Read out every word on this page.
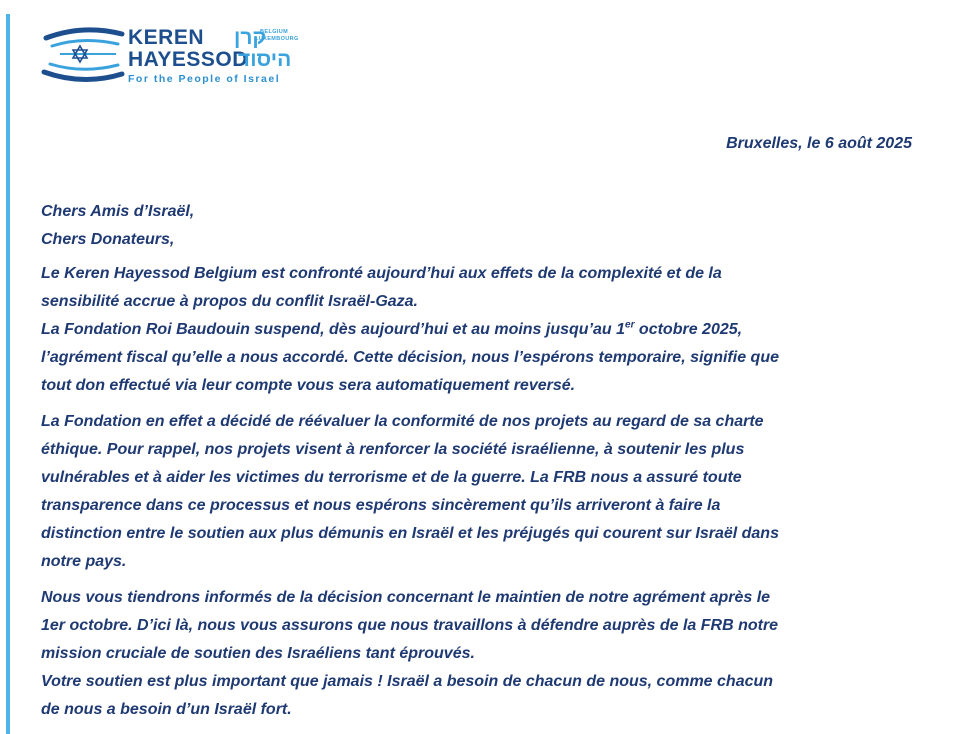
KEREN
HAYESSOD
קרן
היסוד
BELGIUM
LUXEMBOURG
For the People of Israel
Bruxelles, le 6 août 2025

Chers Amis d’Israël,
Chers Donateurs,

Le Keren Hayessod Belgium est confronté aujourd’hui aux effets de la complexité et de la
sensibilité accrue à propos du conflit Israël-Gaza.
La Fondation Roi Baudouin suspend, dès aujourd’hui et au moins jusqu’au 1er octobre 2025,
l’agrément fiscal qu’elle a nous accordé. Cette décision, nous l’espérons temporaire, signifie que
tout don effectué via leur compte vous sera automatiquement reversé.

La Fondation en effet a décidé de réévaluer la conformité de nos projets au regard de sa charte
éthique. Pour rappel, nos projets visent à renforcer la société israélienne, à soutenir les plus
vulnérables et à aider les victimes du terrorisme et de la guerre. La FRB nous a assuré toute
transparence dans ce processus et nous espérons sincèrement qu’ils arriveront à faire la
distinction entre le soutien aux plus démunis en Israël et les préjugés qui courent sur Israël dans
notre pays.

Nous vous tiendrons informés de la décision concernant le maintien de notre agrément après le
1er octobre. D’ici là, nous vous assurons que nous travaillons à défendre auprès de la FRB notre
mission cruciale de soutien des Israéliens tant éprouvés.
Votre soutien est plus important que jamais ! Israël a besoin de chacun de nous, comme chacun
de nous a besoin d’un Israël fort.
